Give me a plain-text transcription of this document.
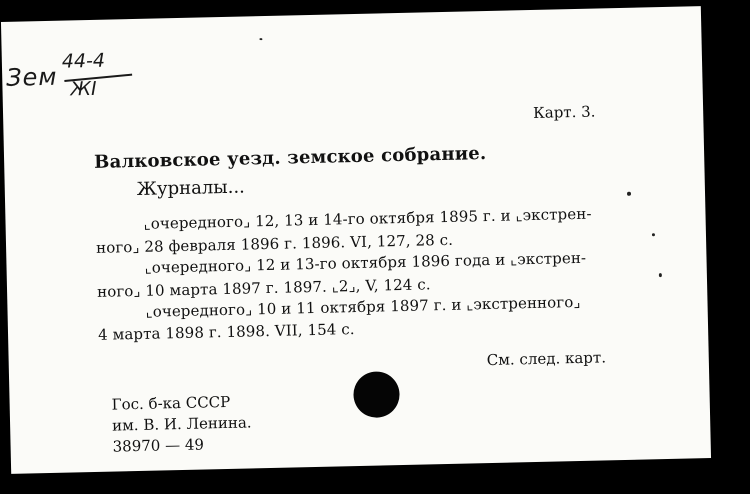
Зем
44-4
ЖI
Карт. 3.
Валковское уезд. земское собрание.
Журналы...
⌞очередного⌟ 12, 13 и 14-го октября 1895 г. и ⌞экстрен-
ного⌟ 28 февраля 1896 г. 1896. VI, 127, 28 с.
⌞очередного⌟ 12 и 13-го октября 1896 года и ⌞экстрен-
ного⌟ 10 марта 1897 г. 1897. ⌞2⌟, V, 124 с.
⌞очередного⌟ 10 и 11 октября 1897 г. и ⌞экстренного⌟
4 марта 1898 г. 1898. VII, 154 с.
См. след. карт.
Гос. б-ка СССР
им. В. И. Ленина.
38970 — 49
